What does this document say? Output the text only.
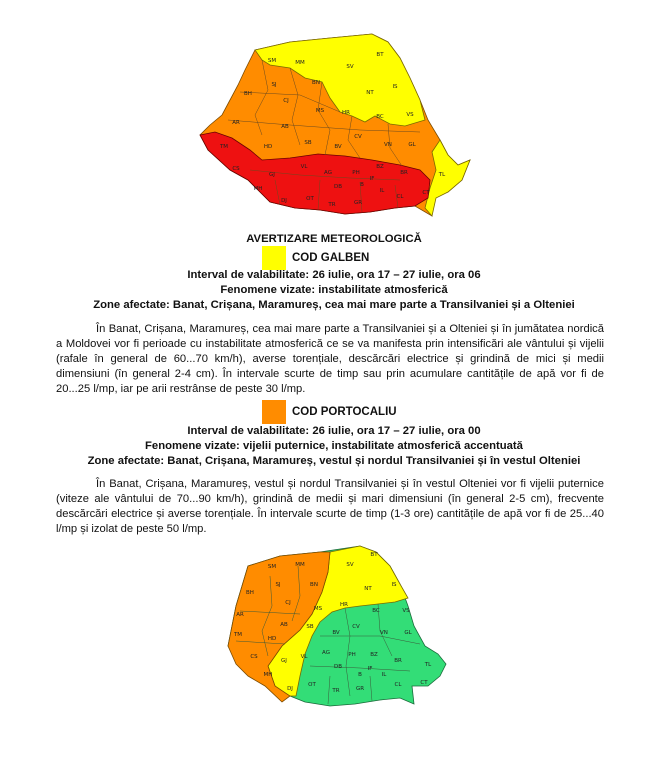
SM	MM
SV
BT
BH
SJ	BN
IS
NT
CJ
MS	HR
BC	VS
AR
AB
CV
VN	GL
TM	HD
SB
BV
BZ
BR	TL
VL
AG	PH
CS
GJ
DB
IL
MH
OT
DJ
TR	GR
CL
CT
B
IF
AVERTIZARE METEOROLOGICĂ
COD GALBEN
Interval de valabilitate: 26 iulie, ora 17 – 27 iulie, ora 06
Fenomene vizate: instabilitate atmosferică
Zone afectate: Banat, Crișana, Maramureș, cea mai mare parte a Transilvaniei și a Olteniei
În Banat, Crișana, Maramureș, cea mai mare parte a Transilvaniei și a Olteniei și în jumătatea nordică a Moldovei vor fi perioade cu instabilitate atmosferică ce se va manifesta prin intensificări ale vântului și vijelii (rafale în general de 60...70 km/h), averse torențiale, descărcări electrice și grindină de mici și medii dimensiuni (în general 2-4 cm). În intervale scurte de timp sau prin acumulare cantitățile de apă vor fi de 20...25 l/mp, iar pe arii restrânse de peste 30 l/mp.
COD PORTOCALIU
Interval de valabilitate: 26 iulie, ora 17 – 27 iulie, ora 00
Fenomene vizate: vijelii puternice, instabilitate atmosferică accentuată
Zone afectate: Banat, Crișana, Maramureș, vestul și nordul Transilvaniei și în vestul Olteniei
În Banat, Crișana, Maramureș, vestul și nordul Transilvaniei și în vestul Olteniei vor fi vijelii puternice (viteze ale vântului de 70...90 km/h), grindină de medii și mari dimensiuni (în general 2-5 cm), frecvente descărcări electrice și averse torențiale. În intervale scurte de timp (1-3 ore) cantitățile de apă vor fi de 25...40 l/mp și izolat de peste 50 l/mp.
SM	MM	SV
BT
BH
SJ	BN	IS
NT
CJ
MS
HR
BC	VS
AR
AB	CV
VN	GL
TM
HD
SB
BV
BZ
BR
TL
VL
AG	PH
CS
GJ
DB
IL
MH
OT
DJ	TR	GR
CL	CT
B
IF
